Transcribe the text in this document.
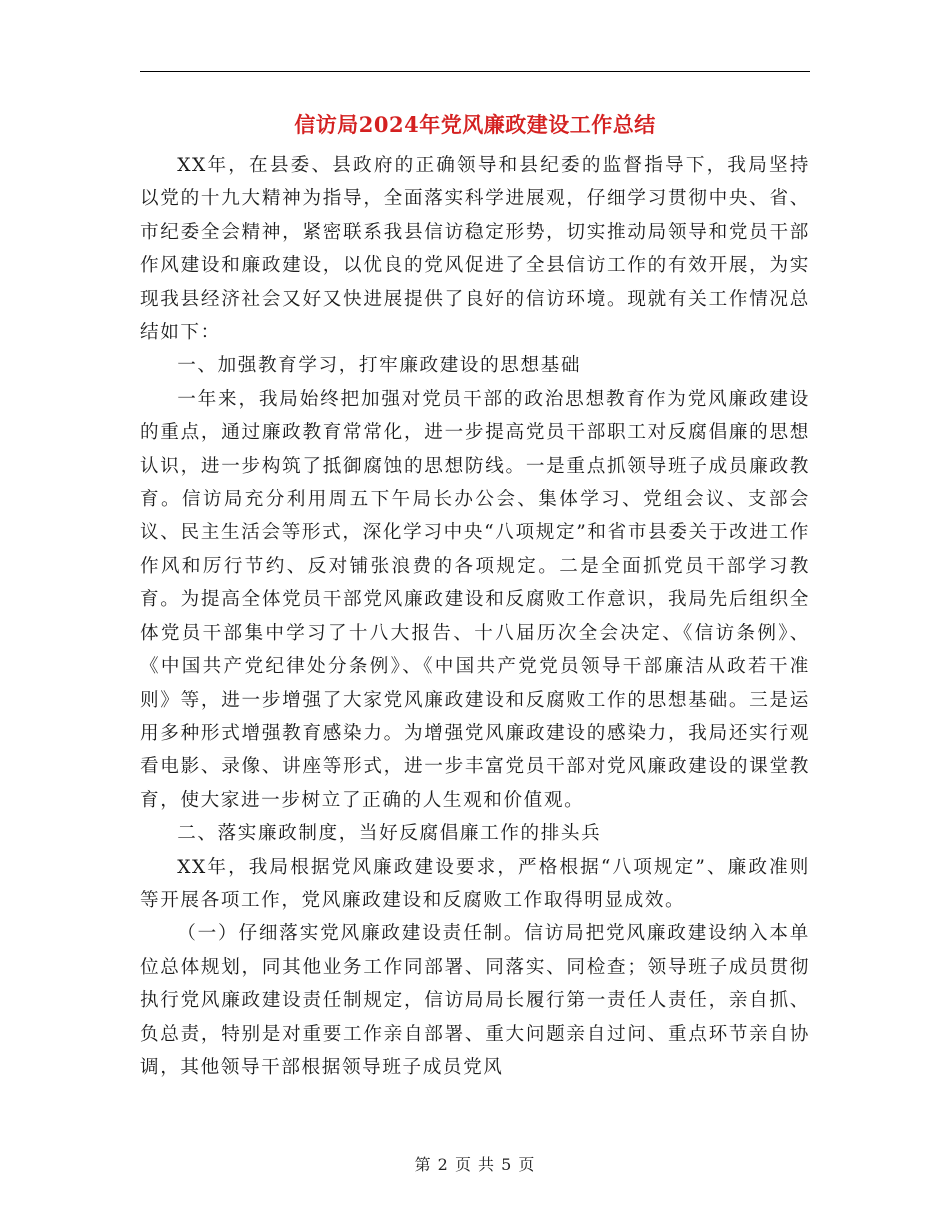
信访局2024年党风廉政建设工作总结

XX年，在县委、县政府的正确领导和县纪委的监督指导下，我局坚持以党的十九大精神为指导，全面落实科学进展观，仔细学习贯彻中央、省、市纪委全会精神，紧密联系我县信访稳定形势，切实推动局领导和党员干部作风建设和廉政建设，以优良的党风促进了全县信访工作的有效开展，为实现我县经济社会又好又快进展提供了良好的信访环境。现就有关工作情况总结如下：

一、加强教育学习，打牢廉政建设的思想基础

一年来，我局始终把加强对党员干部的政治思想教育作为党风廉政建设的重点，通过廉政教育常常化，进一步提高党员干部职工对反腐倡廉的思想认识，进一步构筑了抵御腐蚀的思想防线。一是重点抓领导班子成员廉政教育。信访局充分利用周五下午局长办公会、集体学习、党组会议、支部会议、民主生活会等形式，深化学习中央“八项规定”和省市县委关于改进工作作风和厉行节约、反对铺张浪费的各项规定。二是全面抓党员干部学习教育。为提高全体党员干部党风廉政建设和反腐败工作意识，我局先后组织全体党员干部集中学习了十八大报告、十八届历次全会决定、《信访条例》、《中国共产党纪律处分条例》、《中国共产党党员领导干部廉洁从政若干准则》等，进一步增强了大家党风廉政建设和反腐败工作的思想基础。三是运用多种形式增强教育感染力。为增强党风廉政建设的感染力，我局还实行观看电影、录像、讲座等形式，进一步丰富党员干部对党风廉政建设的课堂教育，使大家进一步树立了正确的人生观和价值观。

二、落实廉政制度，当好反腐倡廉工作的排头兵

XX年，我局根据党风廉政建设要求，严格根据“八项规定”、廉政准则等开展各项工作，党风廉政建设和反腐败工作取得明显成效。

（一）仔细落实党风廉政建设责任制。信访局把党风廉政建设纳入本单位总体规划，同其他业务工作同部署、同落实、同检查；领导班子成员贯彻执行党风廉政建设责任制规定，信访局局长履行第一责任人责任，亲自抓、负总责，特别是对重要工作亲自部署、重大问题亲自过问、重点环节亲自协调，其他领导干部根据领导班子成员党风

第 2 页 共 5 页
